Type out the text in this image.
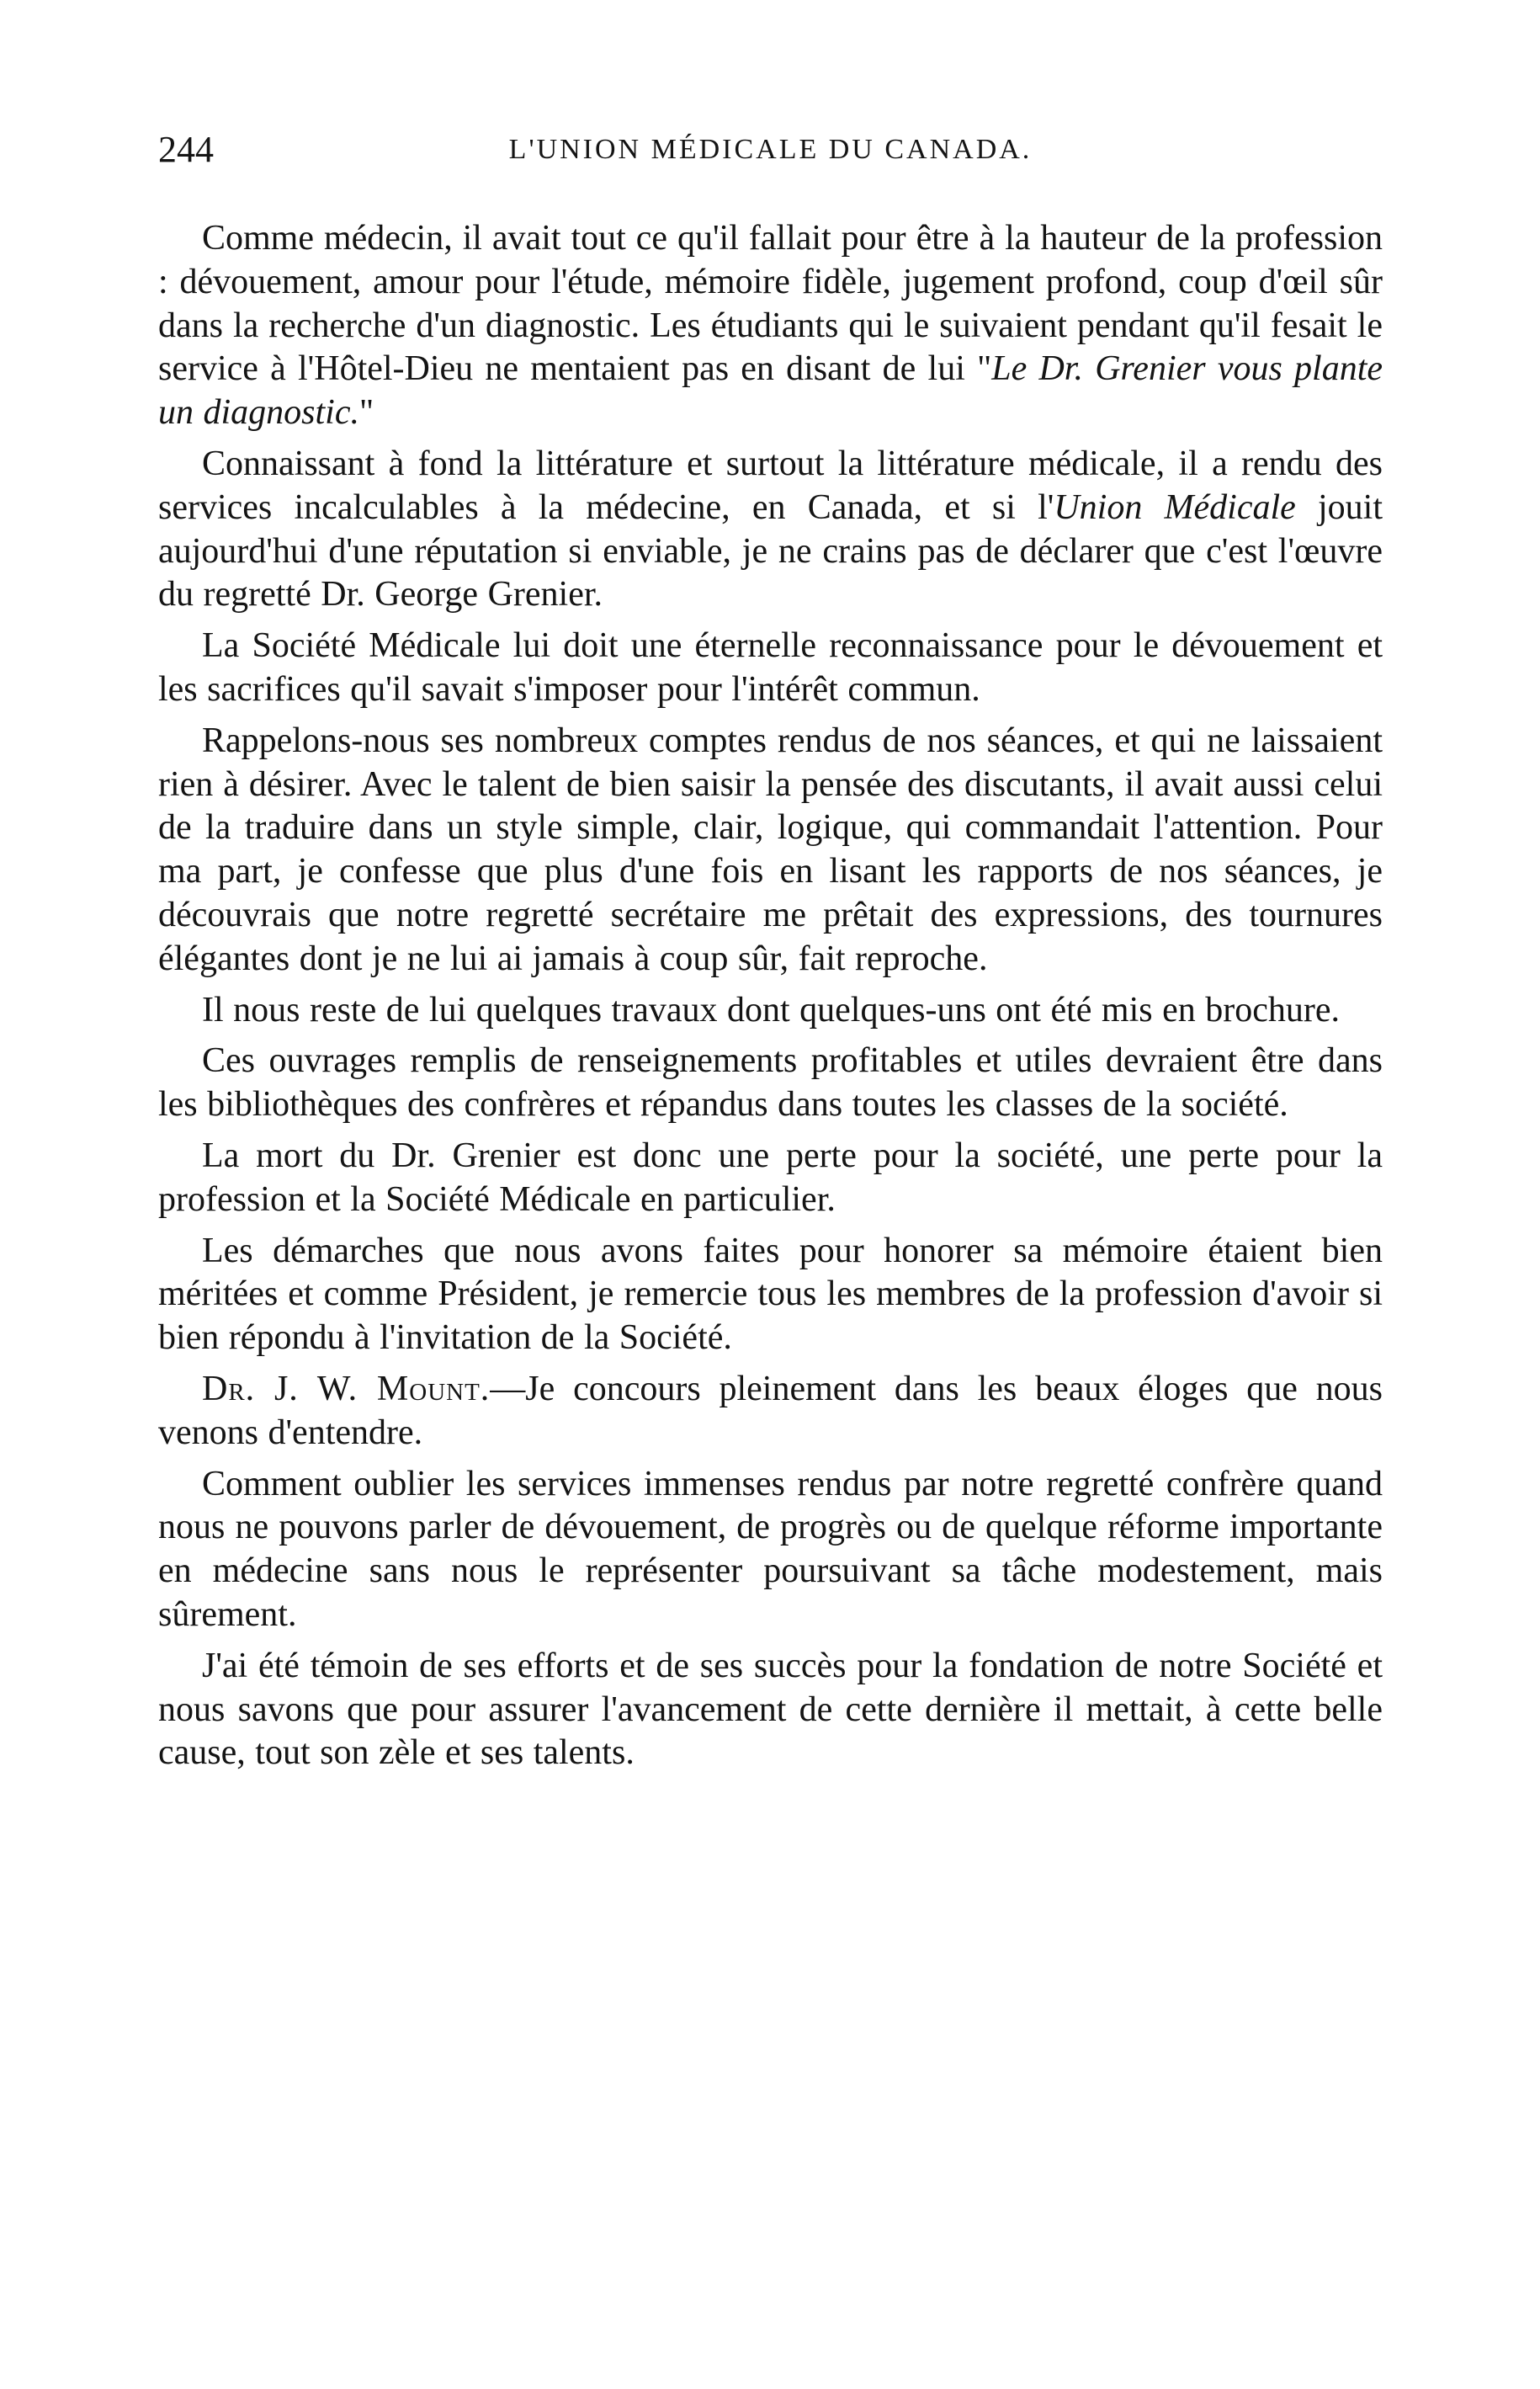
244	L'UNION MÉDICALE DU CANADA.

Comme médecin, il avait tout ce qu'il fallait pour être à la hauteur de la profession : dévouement, amour pour l'étude, mémoire fidèle, jugement profond, coup d'œil sûr dans la recherche d'un diagnostic. Les étudiants qui le suivaient pendant qu'il fesait le service à l'Hôtel-Dieu ne mentaient pas en disant de lui "Le Dr. Grenier vous plante un diagnostic."

Connaissant à fond la littérature et surtout la littérature médicale, il a rendu des services incalculables à la médecine, en Canada, et si l'Union Médicale jouit aujourd'hui d'une réputation si enviable, je ne crains pas de déclarer que c'est l'œuvre du regretté Dr. George Grenier.

La Société Médicale lui doit une éternelle reconnaissance pour le dévouement et les sacrifices qu'il savait s'imposer pour l'intérêt commun.

Rappelons-nous ses nombreux comptes rendus de nos séances, et qui ne laissaient rien à désirer. Avec le talent de bien saisir la pensée des discutants, il avait aussi celui de la traduire dans un style simple, clair, logique, qui commandait l'attention. Pour ma part, je confesse que plus d'une fois en lisant les rapports de nos séances, je découvrais que notre regretté secrétaire me prêtait des expressions, des tournures élégantes dont je ne lui ai jamais à coup sûr, fait reproche.

Il nous reste de lui quelques travaux dont quelques-uns ont été mis en brochure.

Ces ouvrages remplis de renseignements profitables et utiles devraient être dans les bibliothèques des confrères et répandus dans toutes les classes de la société.

La mort du Dr. Grenier est donc une perte pour la société, une perte pour la profession et la Société Médicale en particulier.

Les démarches que nous avons faites pour honorer sa mémoire étaient bien méritées et comme Président, je remercie tous les membres de la profession d'avoir si bien répondu à l'invitation de la Société.

Dr. J. W. Mount.—Je concours pleinement dans les beaux éloges que nous venons d'entendre.

Comment oublier les services immenses rendus par notre regretté confrère quand nous ne pouvons parler de dévouement, de progrès ou de quelque réforme importante en médecine sans nous le représenter poursuivant sa tâche modestement, mais sûrement.

J'ai été témoin de ses efforts et de ses succès pour la fondation de notre Société et nous savons que pour assurer l'avancement de cette dernière il mettait, à cette belle cause, tout son zèle et ses talents.
